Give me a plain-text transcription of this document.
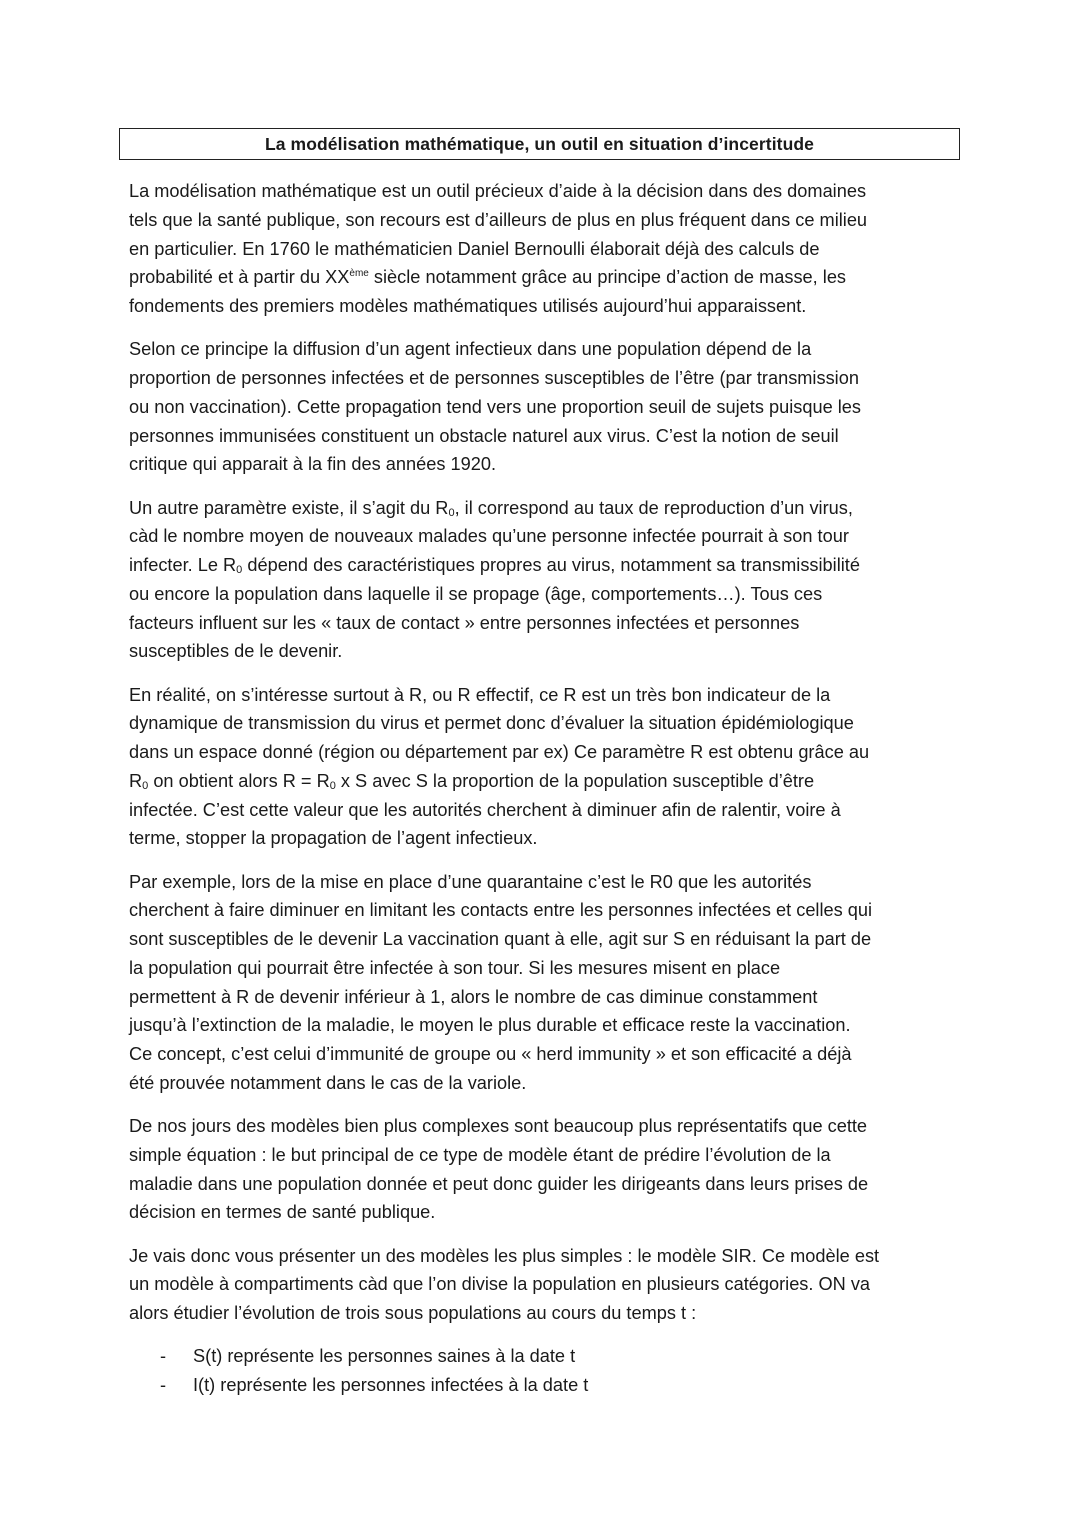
La modélisation mathématique, un outil en situation d’incertitude

La modélisation mathématique est un outil précieux d’aide à la décision dans des domaines
tels que la santé publique, son recours est d’ailleurs de plus en plus fréquent dans ce milieu
en particulier. En 1760 le mathématicien Daniel Bernoulli élaborait déjà des calculs de
probabilité et à partir du XXème siècle notamment grâce au principe d’action de masse, les
fondements des premiers modèles mathématiques utilisés aujourd’hui apparaissent.

Selon ce principe la diffusion d’un agent infectieux dans une population dépend de la
proportion de personnes infectées et de personnes susceptibles de l’être (par transmission
ou non vaccination). Cette propagation tend vers une proportion seuil de sujets puisque les
personnes immunisées constituent un obstacle naturel aux virus. C’est la notion de seuil
critique qui apparait à la fin des années 1920.

Un autre paramètre existe, il s’agit du $R_0$, il correspond au taux de reproduction d’un virus,
càd le nombre moyen de nouveaux malades qu’une personne infectée pourrait à son tour
infecter. Le $R_0$ dépend des caractéristiques propres au virus, notamment sa transmissibilité
ou encore la population dans laquelle il se propage (âge, comportements…). Tous ces
facteurs influent sur les « taux de contact » entre personnes infectées et personnes
susceptibles de le devenir.

En réalité, on s’intéresse surtout à R, ou R effectif, ce R est un très bon indicateur de la
dynamique de transmission du virus et permet donc d’évaluer la situation épidémiologique
dans un espace donné (région ou département par ex) Ce paramètre R est obtenu grâce au
$R_0$ on obtient alors $R = R_0$ x S avec S la proportion de la population susceptible d’être
infectée. C’est cette valeur que les autorités cherchent à diminuer afin de ralentir, voire à
terme, stopper la propagation de l’agent infectieux.

Par exemple, lors de la mise en place d’une quarantaine c’est le R0 que les autorités
cherchent à faire diminuer en limitant les contacts entre les personnes infectées et celles qui
sont susceptibles de le devenir La vaccination quant à elle, agit sur S en réduisant la part de
la population qui pourrait être infectée à son tour. Si les mesures misent en place
permettent à R de devenir inférieur à 1, alors le nombre de cas diminue constamment
jusqu’à l’extinction de la maladie, le moyen le plus durable et efficace reste la vaccination.
Ce concept, c’est celui d’immunité de groupe ou « herd immunity » et son efficacité a déjà
été prouvée notamment dans le cas de la variole.

De nos jours des modèles bien plus complexes sont beaucoup plus représentatifs que cette
simple équation : le but principal de ce type de modèle étant de prédire l’évolution de la
maladie dans une population donnée et peut donc guider les dirigeants dans leurs prises de
décision en termes de santé publique.

Je vais donc vous présenter un des modèles les plus simples : le modèle SIR. Ce modèle est
un modèle à compartiments càd que l’on divise la population en plusieurs catégories. ON va
alors étudier l’évolution de trois sous populations au cours du temps t :

- S(t) représente les personnes saines à la date t
- I(t) représente les personnes infectées à la date t
